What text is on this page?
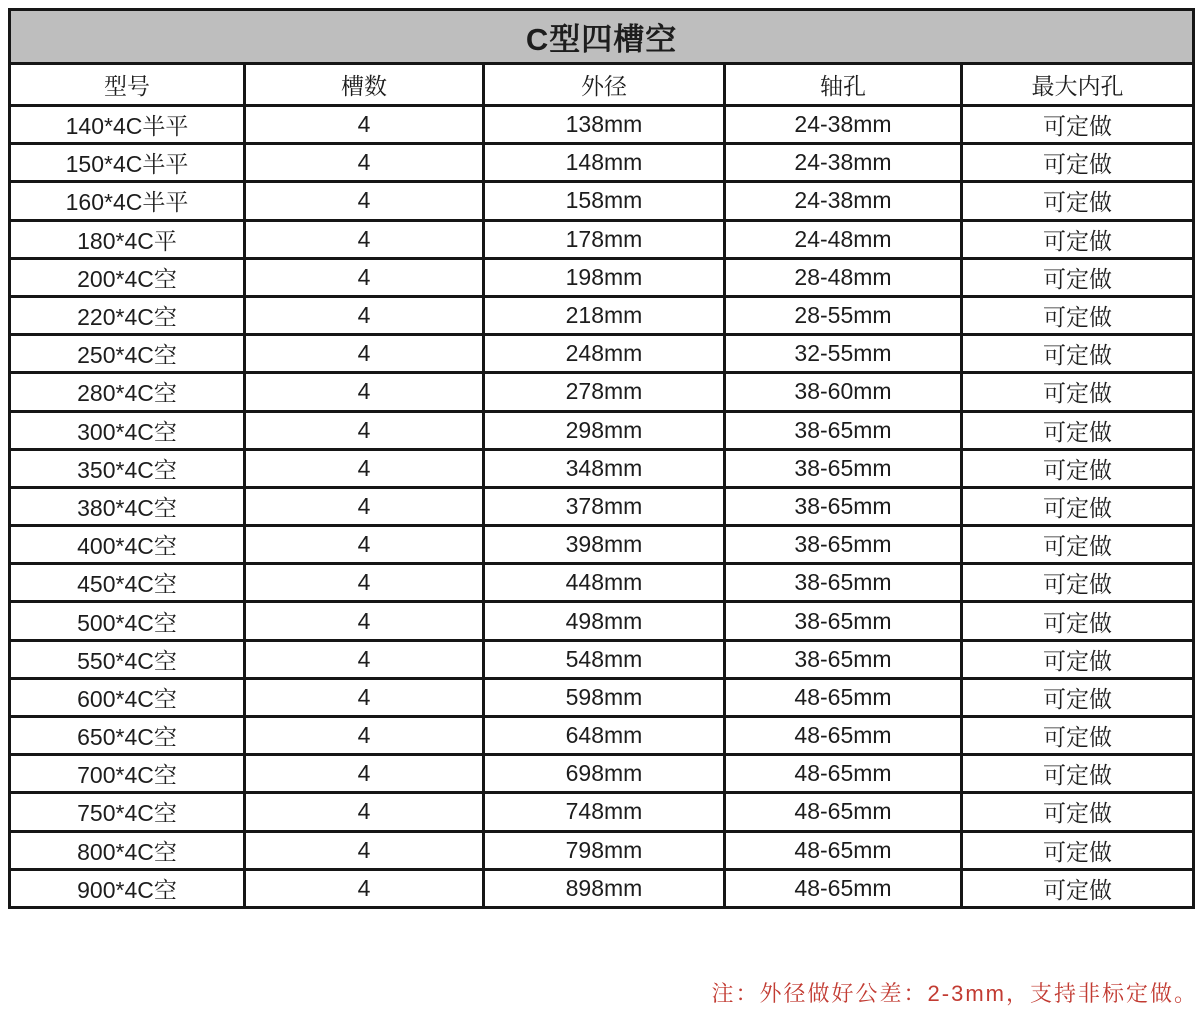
C型四槽空				
型号	槽数	外径	轴孔	最大内孔
140*4C半平	4	138mm	24-38mm	可定做
150*4C半平	4	148mm	24-38mm	可定做
160*4C半平	4	158mm	24-38mm	可定做
180*4C平	4	178mm	24-48mm	可定做
200*4C空	4	198mm	28-48mm	可定做
220*4C空	4	218mm	28-55mm	可定做
250*4C空	4	248mm	32-55mm	可定做
280*4C空	4	278mm	38-60mm	可定做
300*4C空	4	298mm	38-65mm	可定做
350*4C空	4	348mm	38-65mm	可定做
380*4C空	4	378mm	38-65mm	可定做
400*4C空	4	398mm	38-65mm	可定做
450*4C空	4	448mm	38-65mm	可定做
500*4C空	4	498mm	38-65mm	可定做
550*4C空	4	548mm	38-65mm	可定做
600*4C空	4	598mm	48-65mm	可定做
650*4C空	4	648mm	48-65mm	可定做
700*4C空	4	698mm	48-65mm	可定做
750*4C空	4	748mm	48-65mm	可定做
800*4C空	4	798mm	48-65mm	可定做
900*4C空	4	898mm	48-65mm	可定做
注：外径做好公差：2-3mm，支持非标定做。
